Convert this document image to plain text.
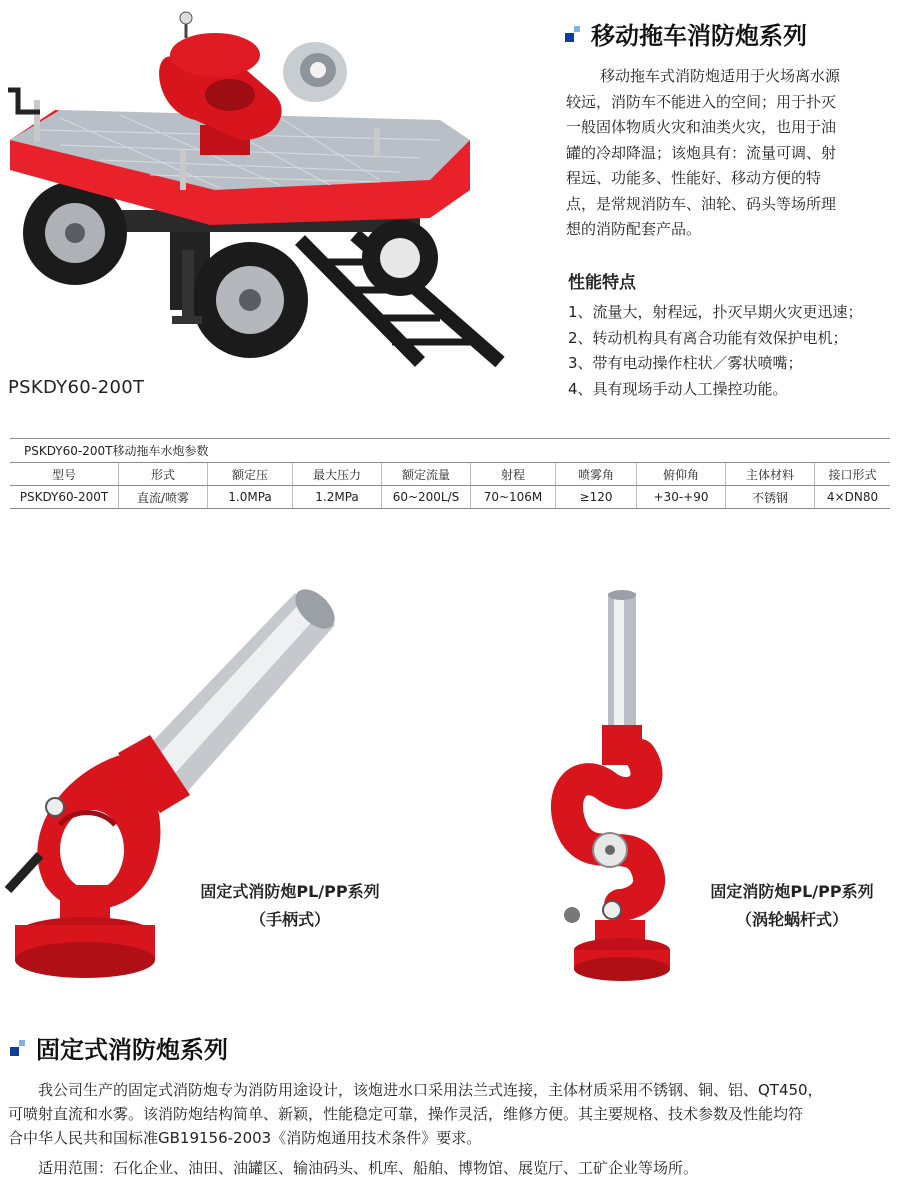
PSKDY60-200T
移动拖车消防炮系列
移动拖车式消防炮适用于火场离水源
较远，消防车不能进入的空间；用于扑灭
一般固体物质火灾和油类火灾，也用于油
罐的冷却降温；该炮具有：流量可调、射
程远、功能多、性能好、移动方便的特
点，是常规消防车、油轮、码头等场所理
想的消防配套产品。
性能特点
1、流量大，射程远，扑灭早期火灾更迅速；
2、转动机构具有离合功能有效保护电机；
3、带有电动操作柱状／雾状喷嘴；
4、具有现场手动人工操控功能。
PSKDY60-200T移动拖车水炮参数
型号	形式	额定压	最大压力	额定流量	射程	喷雾角	俯仰角	主体材料	接口形式
PSKDY60-200T	直流/喷雾	1.0MPa	1.2MPa	60~200L/S	70~106M	≥120	+30-+90	不锈钢	4×DN80
固定式消防炮PL/PP系列
（手柄式）
固定消防炮PL/PP系列
（涡轮蜗杆式）
固定式消防炮系列
我公司生产的固定式消防炮专为消防用途设计，该炮进水口采用法兰式连接，主体材质采用不锈钢、铜、铝、QT450，
可喷射直流和水雾。该消防炮结构简单、新颖，性能稳定可靠，操作灵活，维修方便。其主要规格、技术参数及性能均符
合中华人民共和国标准GB19156-2003《消防炮通用技术条件》要求。
适用范围：石化企业、油田、油罐区、输油码头、机库、船舶、博物馆、展览厅、工矿企业等场所。
